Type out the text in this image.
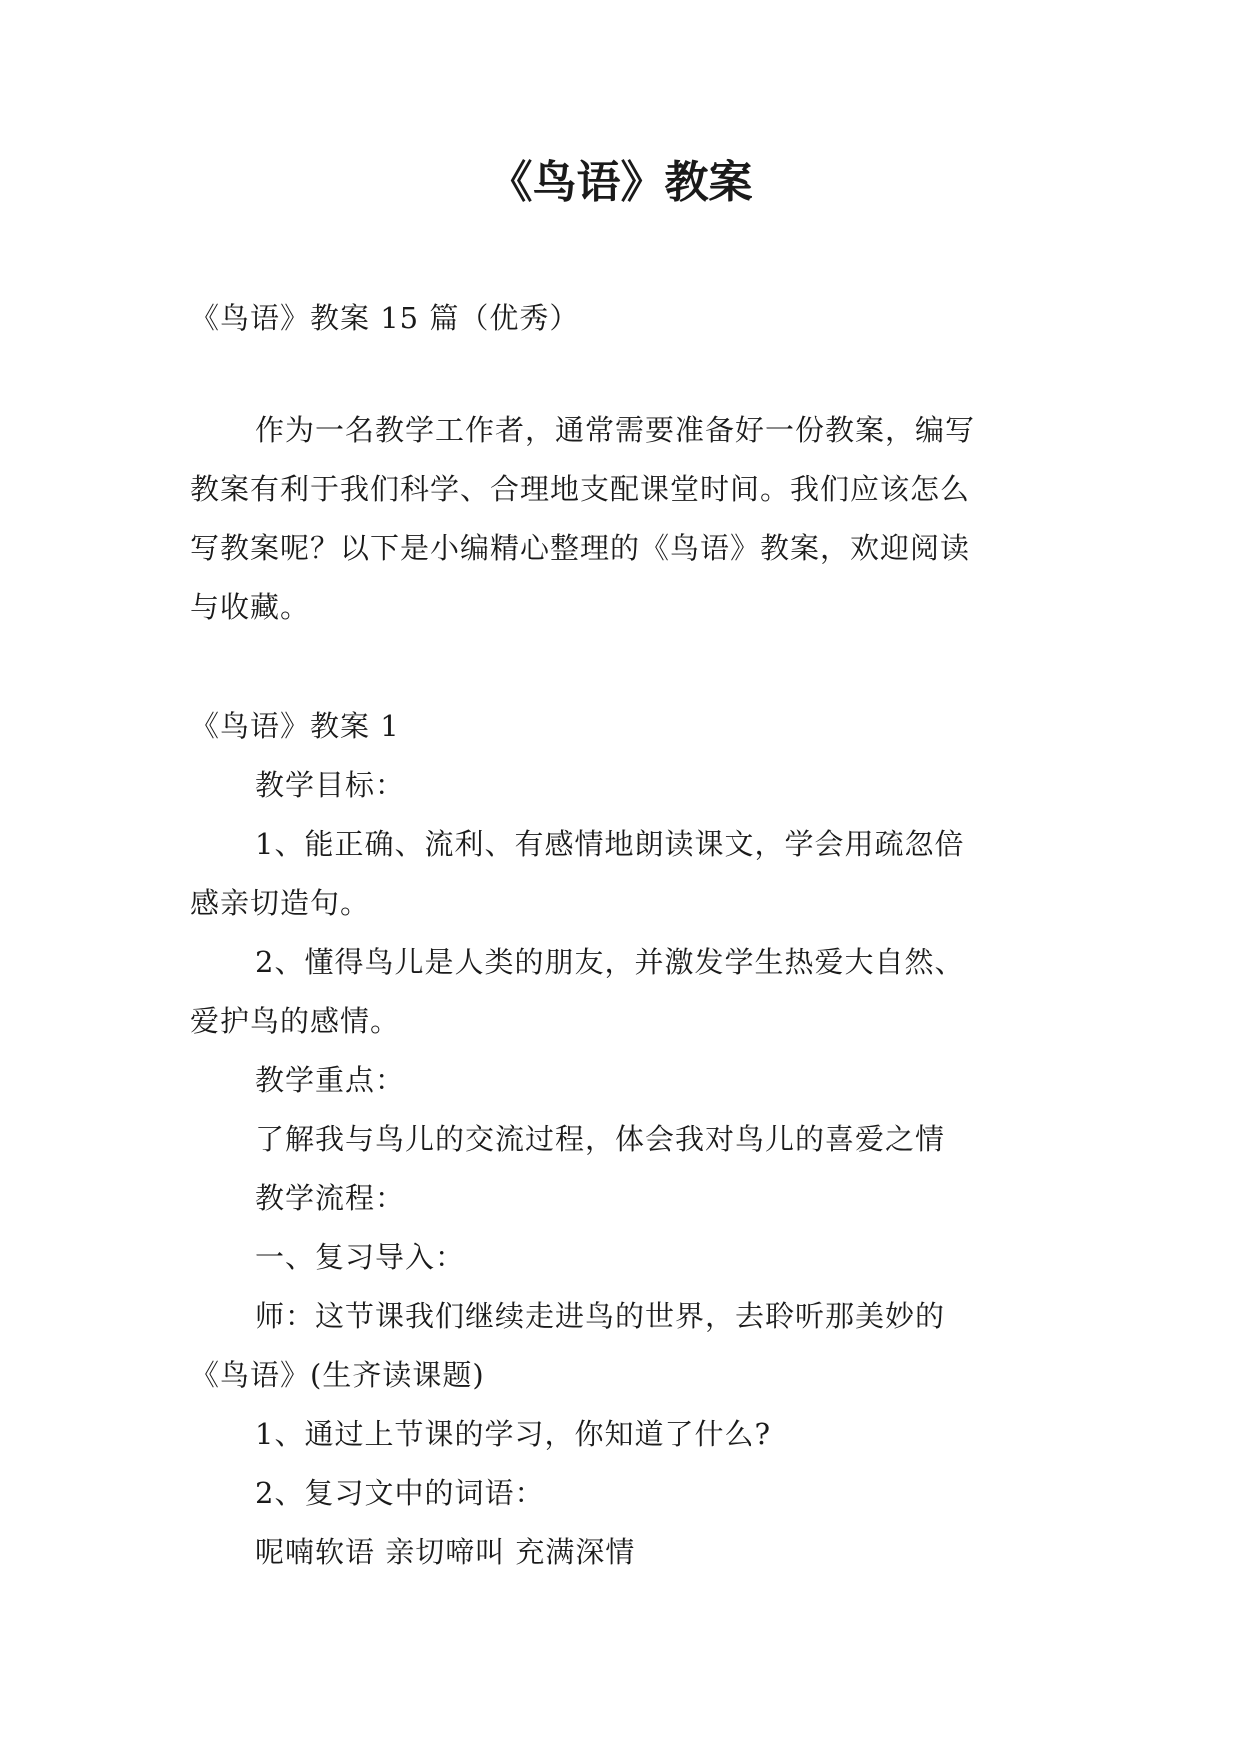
《鸟语》教案

《鸟语》教案 15 篇（优秀）

作为一名教学工作者，通常需要准备好一份教案，编写

教案有利于我们科学、合理地支配课堂时间。我们应该怎么

写教案呢？以下是小编精心整理的《鸟语》教案，欢迎阅读

与收藏。

《鸟语》教案 1

教学目标：

1、能正确、流利、有感情地朗读课文，学会用疏忽倍

感亲切造句。

2、懂得鸟儿是人类的朋友，并激发学生热爱大自然、

爱护鸟的感情。

教学重点：

了解我与鸟儿的交流过程，体会我对鸟儿的喜爱之情

教学流程：

一、复习导入：

师：这节课我们继续走进鸟的世界，去聆听那美妙的

《鸟语》(生齐读课题)

1、通过上节课的学习，你知道了什么?

2、复习文中的词语：

呢喃软语 亲切啼叫 充满深情
